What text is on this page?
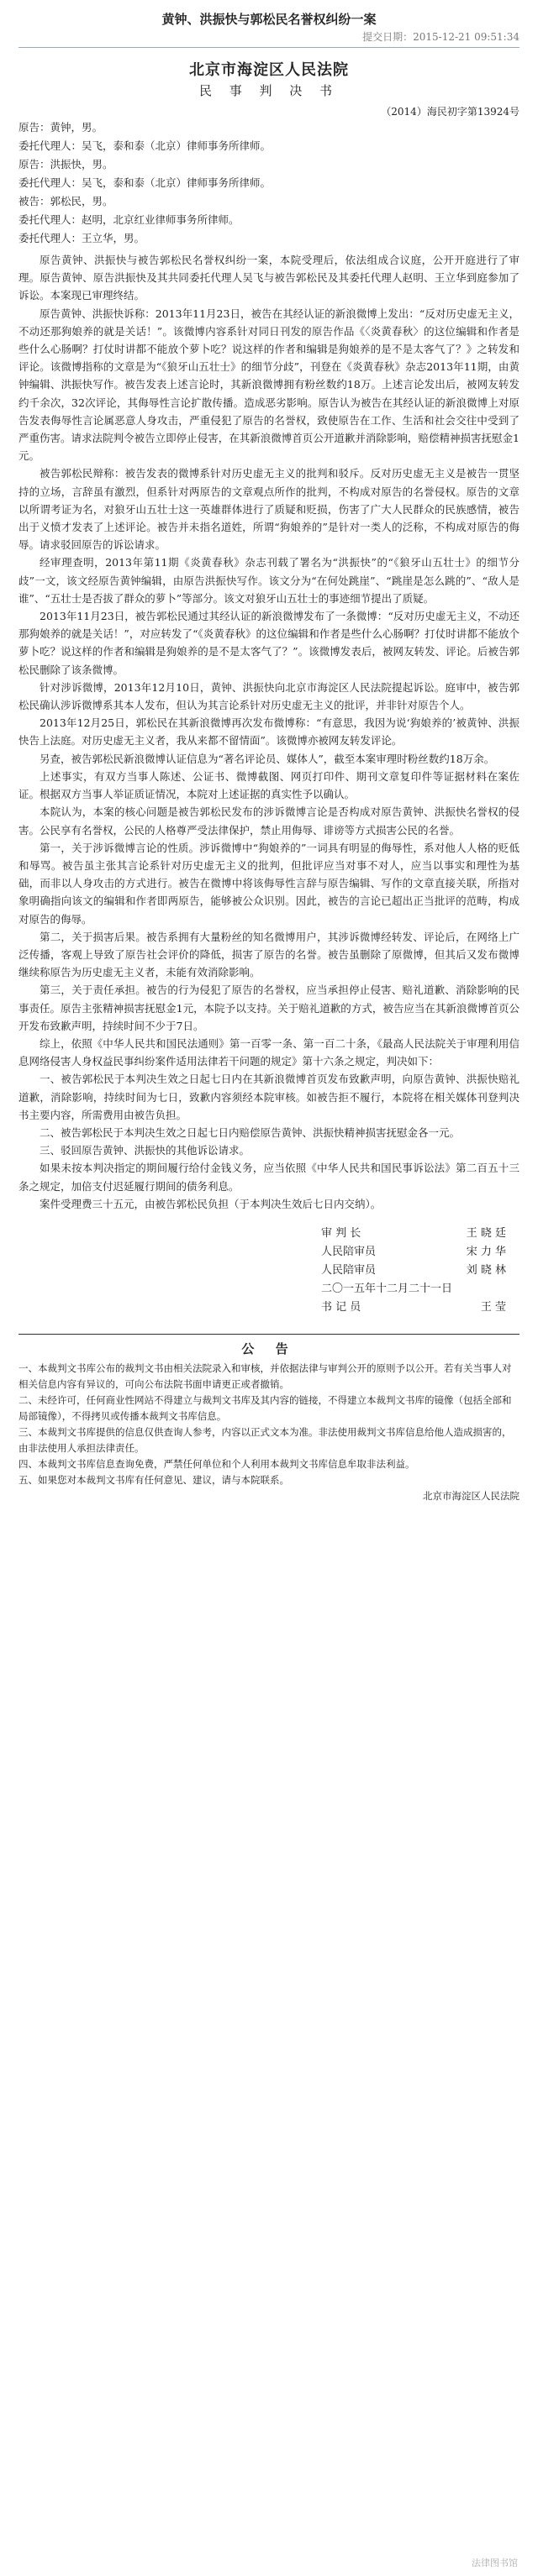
黄钟、洪振快与郭松民名誉权纠纷一案
提交日期：2015-12-21 09:51:34
北京市海淀区人民法院
民 事 判 决 书
（2014）海民初字第13924号

原告：黄钟，男。

委托代理人：吴飞，泰和泰（北京）律师事务所律师。

原告：洪振快，男。

委托代理人：吴飞，泰和泰（北京）律师事务所律师。

被告：郭松民，男。

委托代理人：赵明，北京红业律师事务所律师。

委托代理人：王立华，男。

原告黄钟、洪振快与被告郭松民名誉权纠纷一案，本院受理后，依法组成合议庭，公开开庭进行了审理。原告黄钟、原告洪振快及其共同委托代理人吴飞与被告郭松民及其委托代理人赵明、王立华到庭参加了诉讼。本案现已审理终结。

原告黄钟、洪振快诉称：2013年11月23日，被告在其经认证的新浪微博上发出：“反对历史虚无主义，不动还那狗娘养的就是关话！”。该微博内容系针对同日刊发的原告作品《〈炎黄春秋〉的这位编辑和作者是些什么心肠啊？打仗时讲都不能放个萝卜吃？说这样的作者和编辑是狗娘养的是不是太客气了？》之转发和评论。该微博指称的文章是为“《狼牙山五壮士》的细节分歧”，刊登在《炎黄春秋》杂志2013年11期，由黄钟编辑、洪振快写作。被告发表上述言论时，其新浪微博拥有粉丝数约18万。上述言论发出后，被网友转发约千余次，32次评论，其侮辱性言论扩散传播。造成恶劣影响。原告认为被告在其经认证的新浪微博上对原告发表侮辱性言论属恶意人身攻击，严重侵犯了原告的名誉权，致使原告在工作、生活和社会交往中受到了严重伤害。请求法院判令被告立即停止侵害，在其新浪微博首页公开道歉并消除影响，赔偿精神损害抚慰金1元。

被告郭松民辩称：被告发表的微博系针对历史虚无主义的批判和驳斥。反对历史虚无主义是被告一贯坚持的立场，言辞虽有激烈，但系针对两原告的文章观点所作的批判，不构成对原告的名誉侵权。原告的文章以所谓考证为名，对狼牙山五壮士这一英雄群体进行了质疑和贬损，伤害了广大人民群众的民族感情，被告出于义愤才发表了上述评论。被告并未指名道姓，所谓“狗娘养的”是针对一类人的泛称，不构成对原告的侮辱。请求驳回原告的诉讼请求。

经审理查明，2013年第11期《炎黄春秋》杂志刊载了署名为“洪振快”的“《狼牙山五壮士》的细节分歧”一文，该文经原告黄钟编辑，由原告洪振快写作。该文分为“在何处跳崖”、“跳崖是怎么跳的”、“敌人是谁”、“五壮士是否拔了群众的萝卜”等部分。该文对狼牙山五壮士的事迹细节提出了质疑。

2013年11月23日，被告郭松民通过其经认证的新浪微博发布了一条微博：“反对历史虚无主义，不动还那狗娘养的就是关话！”，对应转发了“《炎黄春秋》的这位编辑和作者是些什么心肠啊？打仗时讲都不能放个萝卜吃？说这样的作者和编辑是狗娘养的是不是太客气了？”。该微博发表后，被网友转发、评论。后被告郭松民删除了该条微博。

针对涉诉微博，2013年12月10日，黄钟、洪振快向北京市海淀区人民法院提起诉讼。庭审中，被告郭松民确认涉诉微博系其本人发布，但认为其言论系针对历史虚无主义的批评，并非针对原告个人。

2013年12月25日，郭松民在其新浪微博再次发布微博称：“有意思，我因为说‘狗娘养的’被黄钟、洪振快告上法庭。对历史虚无主义者，我从来都不留情面”。该微博亦被网友转发评论。

另查，被告郭松民新浪微博认证信息为“著名评论员、媒体人”，截至本案审理时粉丝数约18万余。

上述事实，有双方当事人陈述、公证书、微博截图、网页打印件、期刊文章复印件等证据材料在案佐证。根据双方当事人举证质证情况，本院对上述证据的真实性予以确认。

本院认为，本案的核心问题是被告郭松民发布的涉诉微博言论是否构成对原告黄钟、洪振快名誉权的侵害。公民享有名誉权，公民的人格尊严受法律保护，禁止用侮辱、诽谤等方式损害公民的名誉。

第一，关于涉诉微博言论的性质。涉诉微博中“狗娘养的”一词具有明显的侮辱性，系对他人人格的贬低和辱骂。被告虽主张其言论系针对历史虚无主义的批判，但批评应当对事不对人，应当以事实和理性为基础，而非以人身攻击的方式进行。被告在微博中将该侮辱性言辞与原告编辑、写作的文章直接关联，所指对象明确指向该文的编辑和作者即两原告，能够被公众识别。因此，被告的言论已超出正当批评的范畴，构成对原告的侮辱。

第二，关于损害后果。被告系拥有大量粉丝的知名微博用户，其涉诉微博经转发、评论后，在网络上广泛传播，客观上导致了原告社会评价的降低，损害了原告的名誉。被告虽删除了原微博，但其后又发布微博继续称原告为历史虚无主义者，未能有效消除影响。

第三，关于责任承担。被告的行为侵犯了原告的名誉权，应当承担停止侵害、赔礼道歉、消除影响的民事责任。原告主张精神损害抚慰金1元，本院予以支持。关于赔礼道歉的方式，被告应当在其新浪微博首页公开发布致歉声明，持续时间不少于7日。

综上，依照《中华人民共和国民法通则》第一百零一条、第一百二十条，《最高人民法院关于审理利用信息网络侵害人身权益民事纠纷案件适用法律若干问题的规定》第十六条之规定，判决如下：

一、被告郭松民于本判决生效之日起七日内在其新浪微博首页发布致歉声明，向原告黄钟、洪振快赔礼道歉，消除影响，持续时间为七日，致歉内容须经本院审核。如被告拒不履行，本院将在相关媒体刊登判决书主要内容，所需费用由被告负担。

二、被告郭松民于本判决生效之日起七日内赔偿原告黄钟、洪振快精神损害抚慰金各一元。

三、驳回原告黄钟、洪振快的其他诉讼请求。

如果未按本判决指定的期间履行给付金钱义务，应当依照《中华人民共和国民事诉讼法》第二百五十三条之规定，加倍支付迟延履行期间的债务利息。

案件受理费三十五元，由被告郭松民负担（于本判决生效后七日内交纳）。

审 判 长	王 晓 廷
人民陪审员	宋 力 华
人民陪审员	刘 晓 林
二〇一五年十二月二十一日
书 记 员	王 莹
公 告

一、本裁判文书库公布的裁判文书由相关法院录入和审核，并依据法律与审判公开的原则予以公开。若有关当事人对相关信息内容有异议的，可向公布法院书面申请更正或者撤销。

二、未经许可，任何商业性网站不得建立与裁判文书库及其内容的链接，不得建立本裁判文书库的镜像（包括全部和局部镜像），不得拷贝或传播本裁判文书库信息。

三、本裁判文书库提供的信息仅供查询人参考，内容以正式文本为准。非法使用裁判文书库信息给他人造成损害的，由非法使用人承担法律责任。

四、本裁判文书库信息查询免费，严禁任何单位和个人利用本裁判文书库信息牟取非法利益。

五、如果您对本裁判文书库有任何意见、建议，请与本院联系。

北京市海淀区人民法院
法律图书馆
